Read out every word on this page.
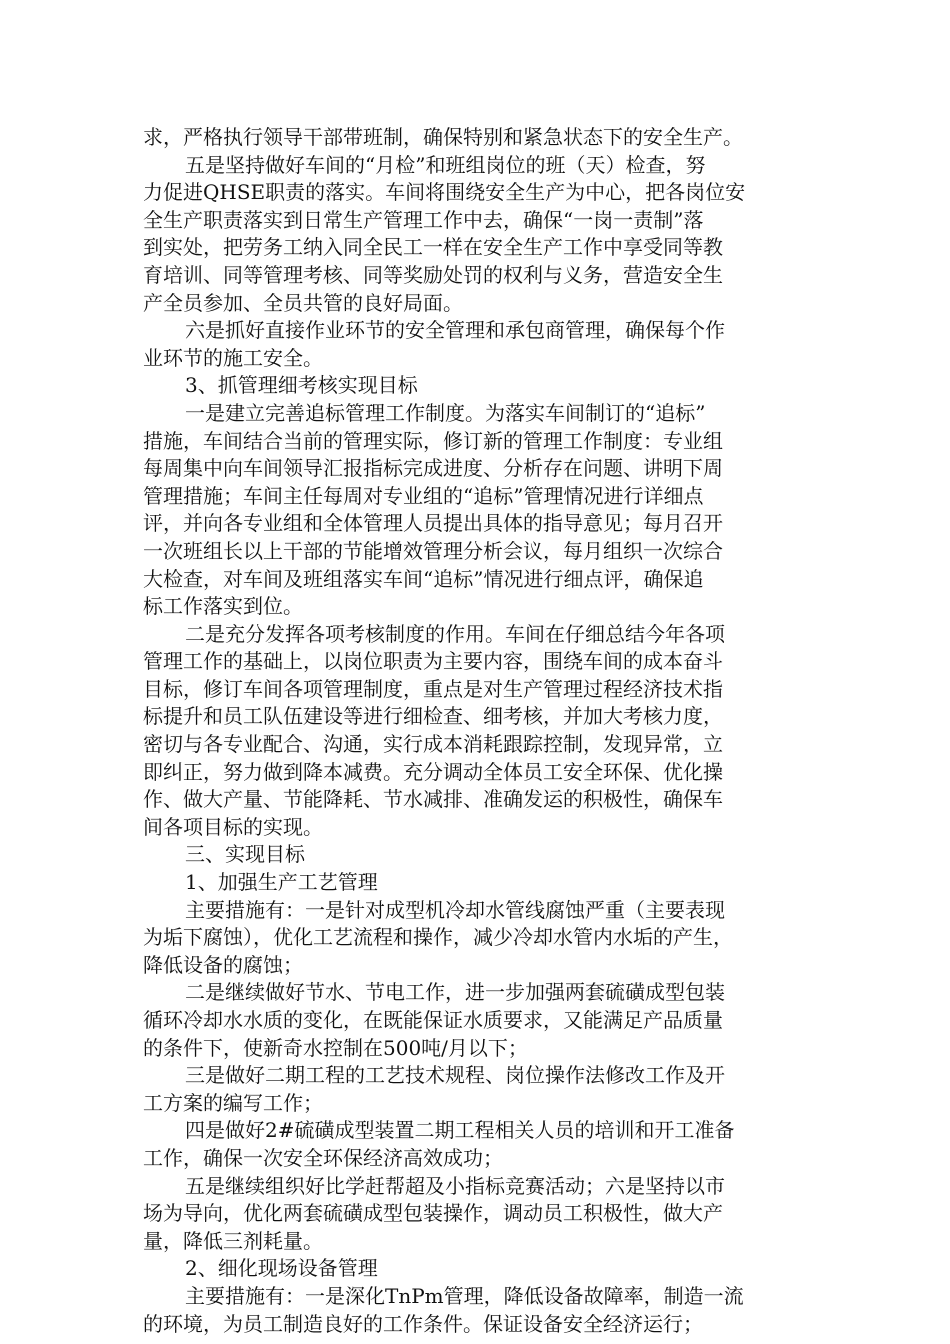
求，严格执行领导干部带班制，确保特别和紧急状态下的安全生产。
五是坚持做好车间的“月检”和班组岗位的班（天）检查，努
力促进QHSE职责的落实。车间将围绕安全生产为中心，把各岗位安
全生产职责落实到日常生产管理工作中去，确保“一岗一责制”落
到实处，把劳务工纳入同全民工一样在安全生产工作中享受同等教
育培训、同等管理考核、同等奖励处罚的权利与义务，营造安全生
产全员参加、全员共管的良好局面。
六是抓好直接作业环节的安全管理和承包商管理，确保每个作
业环节的施工安全。
3、抓管理细考核实现目标
一是建立完善追标管理工作制度。为落实车间制订的“追标”
措施，车间结合当前的管理实际，修订新的管理工作制度：专业组
每周集中向车间领导汇报指标完成进度、分析存在问题、讲明下周
管理措施；车间主任每周对专业组的“追标”管理情况进行详细点
评，并向各专业组和全体管理人员提出具体的指导意见；每月召开
一次班组长以上干部的节能增效管理分析会议，每月组织一次综合
大检查，对车间及班组落实车间“追标”情况进行细点评，确保追
标工作落实到位。
二是充分发挥各项考核制度的作用。车间在仔细总结今年各项
管理工作的基础上，以岗位职责为主要内容，围绕车间的成本奋斗
目标，修订车间各项管理制度，重点是对生产管理过程经济技术指
标提升和员工队伍建设等进行细检查、细考核，并加大考核力度，
密切与各专业配合、沟通，实行成本消耗跟踪控制，发现异常，立
即纠正，努力做到降本减费。充分调动全体员工安全环保、优化操
作、做大产量、节能降耗、节水减排、准确发运的积极性，确保车
间各项目标的实现。
三、实现目标
1、加强生产工艺管理
主要措施有：一是针对成型机冷却水管线腐蚀严重（主要表现
为垢下腐蚀），优化工艺流程和操作，减少冷却水管内水垢的产生，
降低设备的腐蚀；
二是继续做好节水、节电工作，进一步加强两套硫磺成型包装
循环冷却水水质的变化，在既能保证水质要求，又能满足产品质量
的条件下，使新奇水控制在500吨/月以下；
三是做好二期工程的工艺技术规程、岗位操作法修改工作及开
工方案的编写工作；
四是做好2#硫磺成型装置二期工程相关人员的培训和开工准备
工作，确保一次安全环保经济高效成功；
五是继续组织好比学赶帮超及小指标竞赛活动；六是坚持以市
场为导向，优化两套硫磺成型包装操作，调动员工积极性，做大产
量，降低三剂耗量。
2、细化现场设备管理
主要措施有：一是深化TnPm管理，降低设备故障率，制造一流
的环境，为员工制造良好的工作条件。保证设备安全经济运行；
